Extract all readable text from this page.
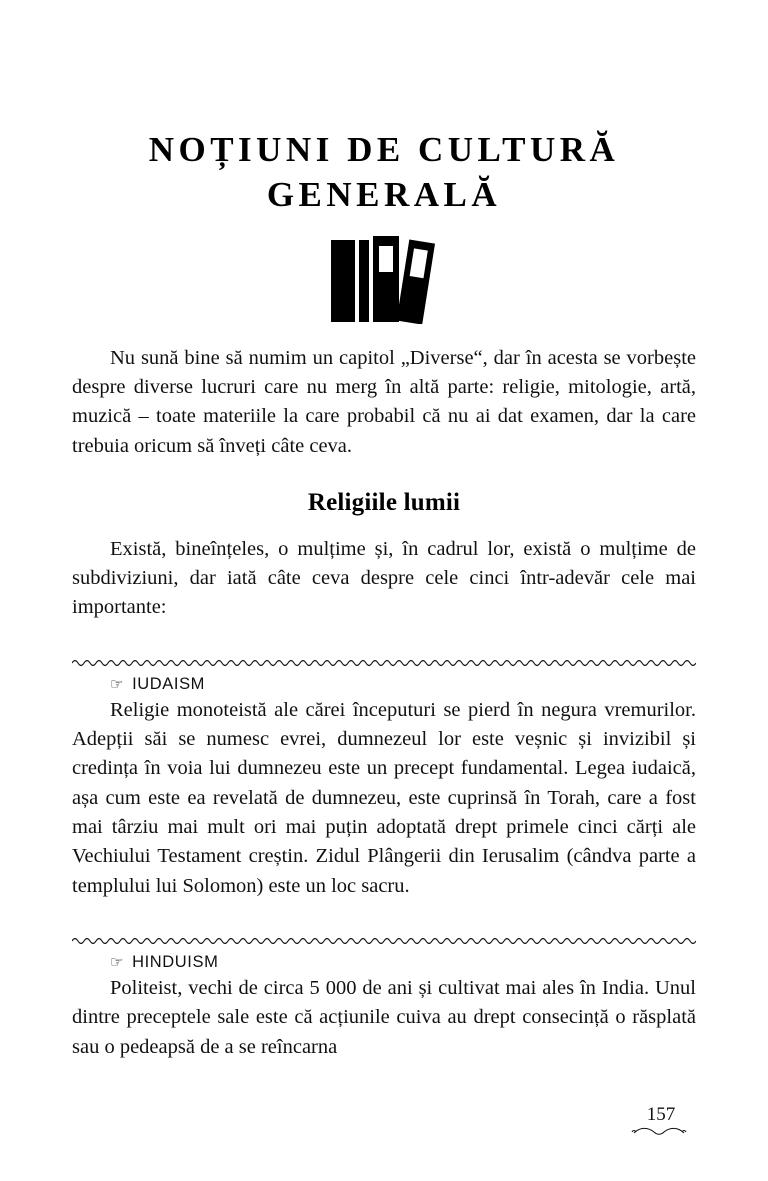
NOȚIUNI DE CULTURĂ
GENERALĂ

Nu sună bine să numim un capitol „Diverse“, dar în acesta se vorbește despre diverse lucruri care nu merg în altă parte: religie, mitologie, artă, muzică – toate materiile la care probabil că nu ai dat examen, dar la care trebuia oricum să înveți câte ceva.

Religiile lumii

Există, bineînțeles, o mulțime și, în cadrul lor, există o mulțime de subdiviziuni, dar iată câte ceva despre cele cinci într-adevăr cele mai importante:

☞ IUDAISM

Religie monoteistă ale cărei începuturi se pierd în negura vremurilor. Adepții săi se numesc evrei, dumnezeul lor este veșnic și invizibil și credința în voia lui dumnezeu este un precept fundamental. Legea iudaică, așa cum este ea revelată de dumnezeu, este cuprinsă în Torah, care a fost mai târziu mai mult ori mai puțin adoptată drept primele cinci cărți ale Vechiului Testament creștin. Zidul Plângerii din Ierusalim (cândva parte a templului lui Solomon) este un loc sacru.

☞ HINDUISM

Politeist, vechi de circa 5 000 de ani și cultivat mai ales în India. Unul dintre preceptele sale este că acțiunile cuiva au drept consecință o răsplată sau o pedeapsă de a se reîncarna

157
